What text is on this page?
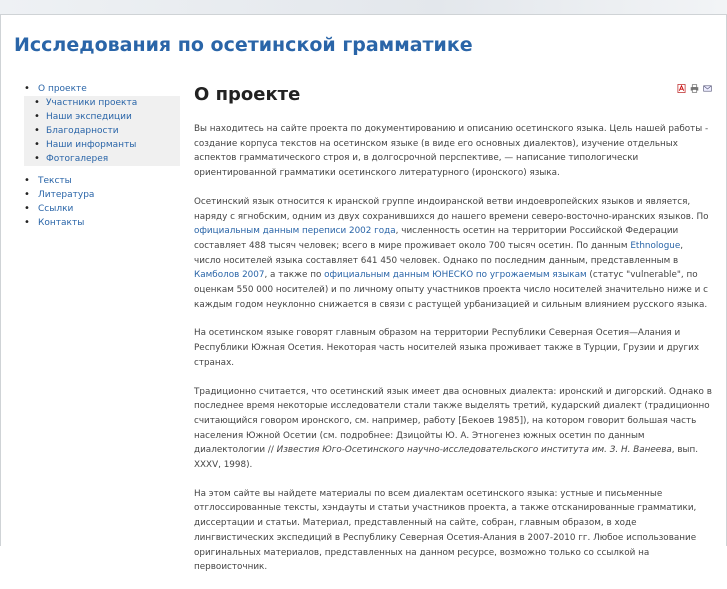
Исследования по осетинской грамматике
• О проекте
• Участники проекта
• Наши экспедиции
• Благодарности
• Наши информанты
• Фотогалерея
• Тексты
• Литература
• Ссылки
• Контакты
О проекте

Вы находитесь на сайте проекта по документированию и описанию осетинского языка. Цель нашей работы - создание корпуса текстов на осетинском языке (в виде его основных диалектов), изучение отдельных аспектов грамматического строя и, в долгосрочной перспективе, — написание типологически ориентированной грамматики осетинского литературного (иронского) языка.

Осетинский язык относится к иранской группе индоиранской ветви индоевропейских языков и является, наряду с ягнобским, одним из двух сохранившихся до нашего времени северо-восточно-иранских языков. По официальным данным переписи 2002 года, численность осетин на территории Российской Федерации составляет 488 тысяч человек; всего в мире проживает около 700 тысяч осетин. По данным Ethnologue, число носителей языка составляет 641 450 человек. Однако по последним данным, представленным в Камболов 2007, а также по официальным данным ЮНЕСКО по угрожаемым языкам (статус "vulnerable", по оценкам 550 000 носителей) и по личному опыту участников проекта число носителей значительно ниже и с каждым годом неуклонно снижается в связи с растущей урбанизацией и сильным влиянием русского языка.

На осетинском языке говорят главным образом на территории Республики Северная Осетия—Алания и Республики Южная Осетия. Некоторая часть носителей языка проживает также в Турции, Грузии и других странах.

Традиционно считается, что осетинский язык имеет два основных диалекта: иронский и дигорский. Однако в последнее время некоторые исследователи стали также выделять третий, кударский диалект (традиционно считающийся говором иронского, см. например, работу [Бекоев 1985]), на котором говорит большая часть населения Южной Осетии (см. подробнее: Дзицойты Ю. А. Этногенез южных осетин по данным диалектологии // Известия Юго-Осетинского научно-исследовательского института им. З. Н. Ванеева, вып. XXXV, 1998).

На этом сайте вы найдете материалы по всем диалектам осетинского языка: устные и письменные отглоссированные тексты, хэндауты и статьи участников проекта, а также отсканированные грамматики, диссертации и статьи. Материал, представленный на сайте, собран, главным образом, в ходе лингвистических экспедиций в Республику Северная Осетия-Алания в 2007-2010 гг. Любое использование оригинальных материалов, представленных на данном ресурсе, возможно только со ссылкой на первоисточник.
